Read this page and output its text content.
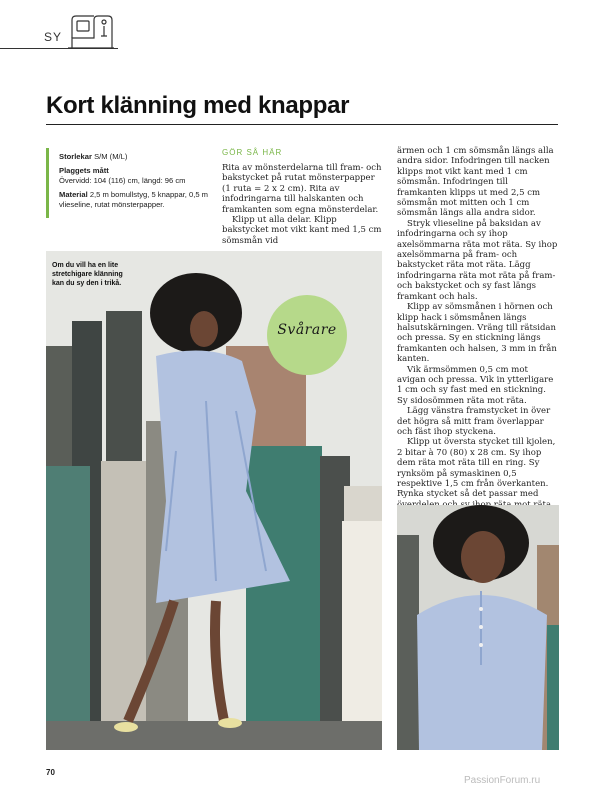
SY
Kort klänning med knappar

Storlekar S/M (M/L)

Plaggets mått
Övervidd: 104 (116) cm, längd: 96 cm

Material 2,5 m bomullstyg, 5 knappar, 0,5 m vlieseline, rutat mönsterpapper.

GÖR SÅ HÄR

Rita av mönsterdelarna till fram- och bakstycket på rutat mönsterpapper (1 ruta = 2 x 2 cm). Rita av infodringarna till halskanten och framkanten som egna mönsterdelar.

Klipp ut alla delar. Klipp bakstycket mot vikt kant med 1,5 cm sömsmån vid

ärmen och 1 cm sömsmån längs alla andra sidor. Infodringen till nacken klipps mot vikt kant med 1 cm sömsmån. Infodringen till framkanten klipps ut med 2,5 cm sömsmån mot mitten och 1 cm sömsmån längs alla andra sidor.

Stryk vlieseline på baksidan av infodringarna och sy ihop axelsömmarna räta mot räta. Sy ihop axelsömmarna på fram- och bakstycket räta mot räta. Lägg infodringarna räta mot räta på fram- och bakstycket och sy fast längs framkant och hals.

Klipp av sömsmånen i hörnen och klipp hack i sömsmånen längs halsutskärningen. Vräng till rätsidan och pressa. Sy en stickning längs framkanten och halsen, 3 mm in från kanten.

Vik ärmsömmen 0,5 cm mot avigan och pressa. Vik in ytterligare 1 cm och sy fast med en stickning. Sy sidosömmen räta mot räta.

Lägg vänstra framstycket in över det högra så mitt fram överlappar och fäst ihop styckena.

Klipp ut översta stycket till kjolen, 2 bitar à 70 (80) x 28 cm. Sy ihop dem räta mot räta till en ring. Sy rynksöm på symaskinen 0,5 respektive 1,5 cm från överkanten. Rynka stycket så det passar med

Om du vill ha en lite stretchigare klänning kan du sy den i trikå.
Svårare
70
PassionForum.ru
